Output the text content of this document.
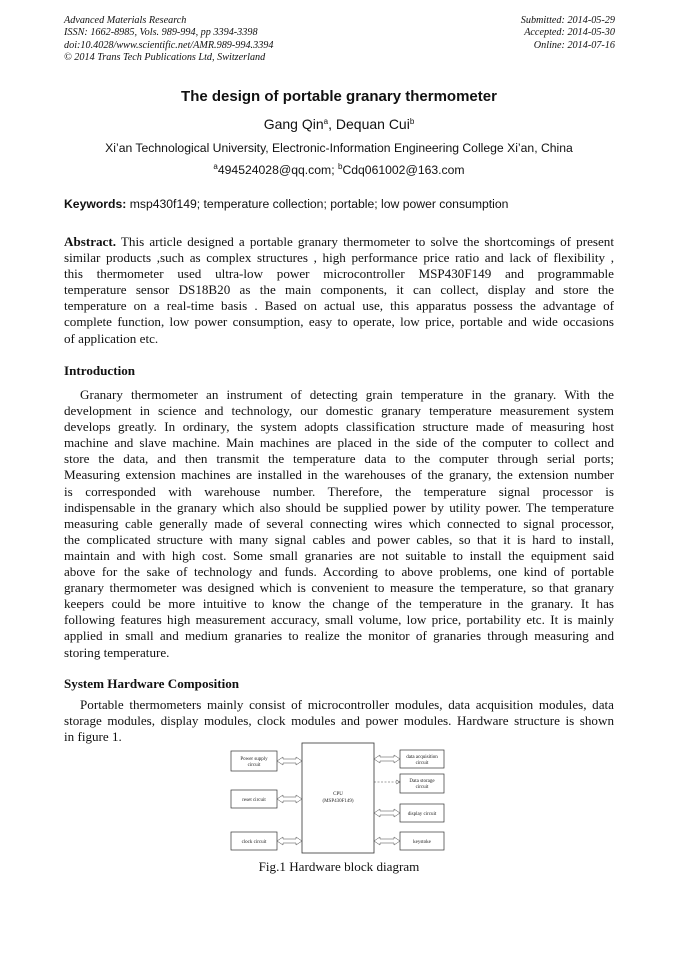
Advanced Materials Research
ISSN: 1662-8985, Vols. 989-994, pp 3394-3398
doi:10.4028/www.scientific.net/AMR.989-994.3394
© 2014 Trans Tech Publications Ltd, Switzerland
Submitted: 2014-05-29
Accepted: 2014-05-30
Online: 2014-07-16
The design of portable granary thermometer
Gang Qin$^a$, Dequan Cui$^b$
Xi’an Technological University, Electronic-Information Engineering College Xi’an, China
$^a$494524028@qq.com; $^b$Cdq061002@163.com
Keywords: msp430f149; temperature collection; portable; low power consumption
Abstract. This article designed a portable granary thermometer to solve the shortcomings of present
similar products ,such as complex structures , high performance price ratio and lack of flexibility ,
this thermometer used ultra-low power microcontroller MSP430F149 and programmable
temperature sensor DS18B20 as the main components, it can collect, display and store the
temperature on a real-time basis . Based on actual use, this apparatus possess the advantage of
complete function, low power consumption, easy to operate, low price, portable and wide occasions
of application etc.
Introduction
Granary thermometer an instrument of detecting grain temperature in the granary. With the
development in science and technology, our domestic granary temperature measurement system
develops greatly. In ordinary, the system adopts classification structure made of measuring host
machine and slave machine. Main machines are placed in the side of the computer to collect and
store the data, and then transmit the temperature data to the computer through serial ports;
Measuring extension machines are installed in the warehouses of the granary, the extension number
is corresponded with warehouse number. Therefore, the temperature signal processor is
indispensable in the granary which also should be supplied power by utility power. The temperature
measuring cable generally made of several connecting wires which connected to signal processor,
the complicated structure with many signal cables and power cables, so that it is hard to install,
maintain and with high cost. Some small granaries are not suitable to install the equipment said
above for the sake of technology and funds. According to above problems, one kind of portable
granary thermometer was designed which is convenient to measure the temperature, so that granary
keepers could be more intuitive to know the change of the temperature in the granary. It has
following features high measurement accuracy, small volume, low price, portability etc. It is mainly
applied in small and medium granaries to realize the monitor of granaries through measuring and
storing temperature.
System Hardware Composition
Portable thermometers mainly consist of microcontroller modules, data acquisition modules, data
storage modules, display modules, clock modules and power modules. Hardware structure is shown
in figure 1.
CPU
(MSP430F149)
Power supply
circuit
reset circuit
clock circuit
data acquisition
circuit
Data storage
circuit
display circuit
keystoke
Fig.1 Hardware block diagram
